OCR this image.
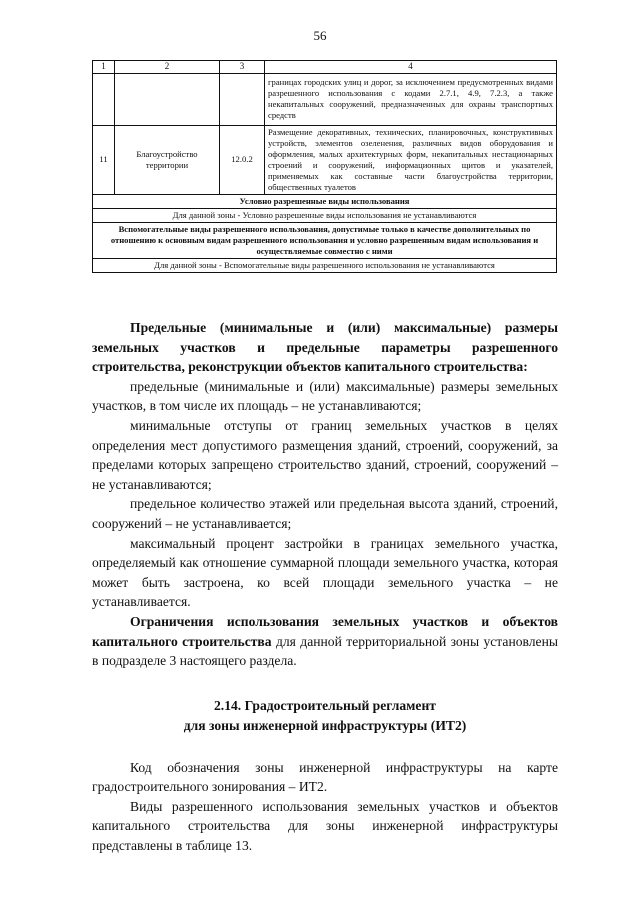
56
1	2	3	4
			границах городских улиц и дорог, за исключением предусмотренных видами разрешенного использования с кодами 2.7.1, 4.9, 7.2.3, а также некапитальных сооружений, предназначенных для охраны транспортных средств
11	Благоустройство территории	12.0.2	Размещение декоративных, технических, планировочных, конструктивных устройств, элементов озеленения, различных видов оборудования и оформления, малых архитектурных форм, некапитальных нестационарных строений и сооружений, информационных щитов и указателей, применяемых как составные части благоустройства территории, общественных туалетов
Условно разрешенные виды использования			
Для данной зоны - Условно разрешенные виды использования не устанавливаются			
Вспомогательные виды разрешенного использования, допустимые только в качестве дополнительных по отношению к основным видам разрешенного использования и условно разрешенным видам использования и осуществляемые совместно с ними			
Для данной зоны - Вспомогательные виды разрешенного использования не устанавливаются			

Предельные (минимальные и (или) максимальные) размеры земельных участков и предельные параметры разрешенного строительства, реконструкции объектов капитального строительства:

предельные (минимальные и (или) максимальные) размеры земельных участков, в том числе их площадь – не устанавливаются;

минимальные отступы от границ земельных участков в целях определения мест допустимого размещения зданий, строений, сооружений, за пределами которых запрещено строительство зданий, строений, сооружений – не устанавливаются;

предельное количество этажей или предельная высота зданий, строений, сооружений – не устанавливается;

максимальный процент застройки в границах земельного участка, определяемый как отношение суммарной площади земельного участка, которая может быть застроена, ко всей площади земельного участка – не устанавливается.

Ограничения использования земельных участков и объектов капитального строительства для данной территориальной зоны установлены в подразделе 3 настоящего раздела.

2.14. Градостроительный регламент
для зоны инженерной инфраструктуры (ИТ2)

Код обозначения зоны инженерной инфраструктуры на карте градостроительного зонирования – ИТ2.

Виды разрешенного использования земельных участков и объектов капитального строительства для зоны инженерной инфраструктуры представлены в таблице 13.
